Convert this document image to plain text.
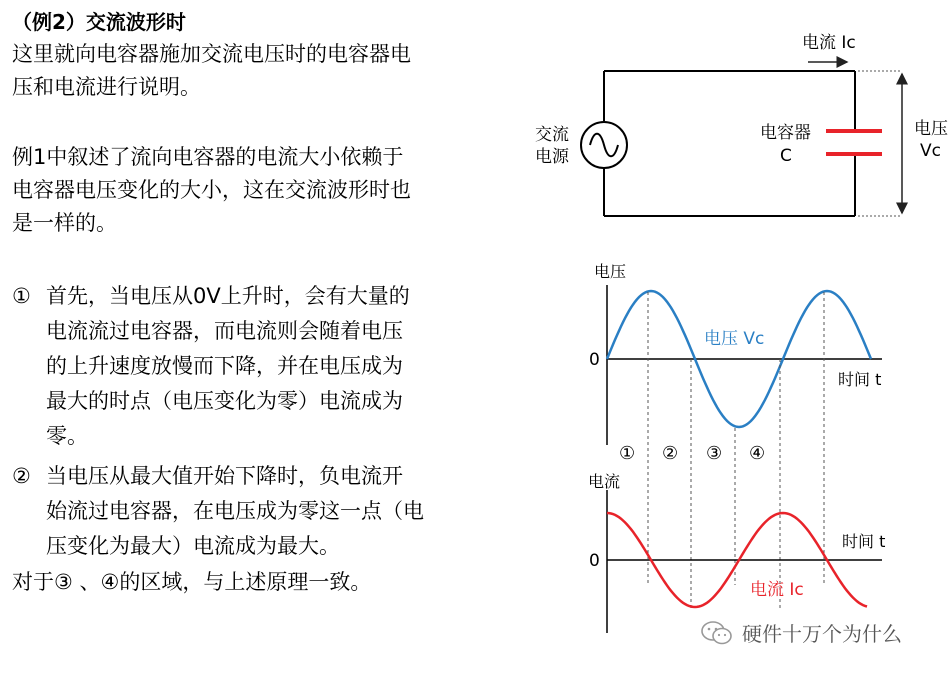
（例2）交流波形时
这里就向电容器施加交流电压时的电容器电
压和电流进行说明。
例1中叙述了流向电容器的电流大小依赖于
电容器电压变化的大小，这在交流波形时也
是一样的。
① 首先，当电压从0V上升时，会有大量的
电流流过电容器，而电流则会随着电压
的上升速度放慢而下降，并在电压成为
最大的时点（电压变化为零）电流成为
零。
② 当电压从最大值开始下降时，负电流开
始流过电容器，在电压成为零这一点（电
压变化为最大）电流成为最大。
对于③ 、④的区域，与上述原理一致。
电流 Ic
交流
电源
电容器
C
电压
Vc
电压
0
时间 t
电压 Vc
① ② ③ ④
电流
0
时间 t
电流 Ic
硬件十万个为什么
